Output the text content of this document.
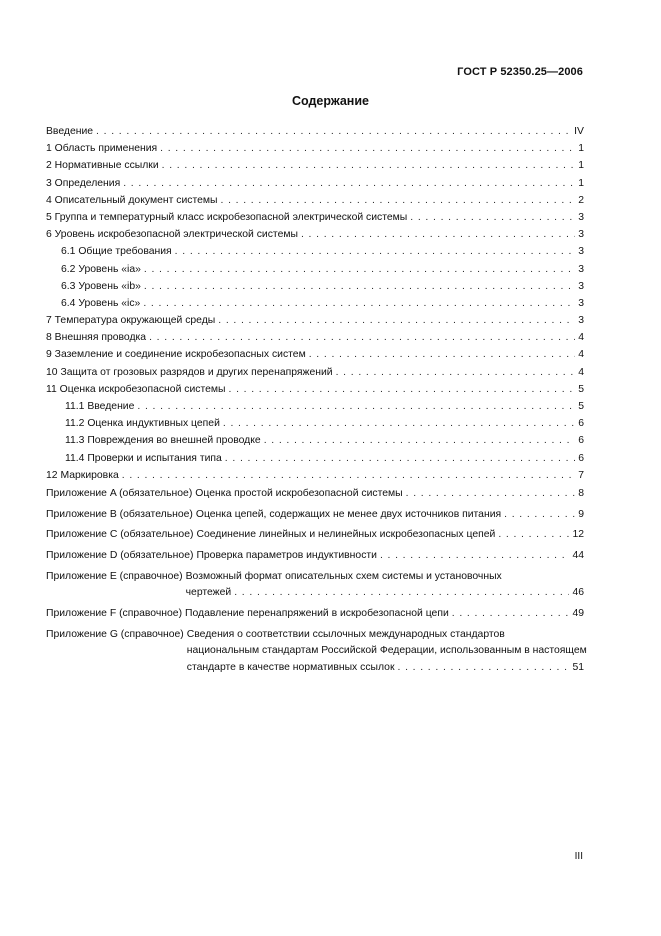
ГОСТ Р 52350.25—2006
Содержание
Введение . . .	IV
1 Область применения . . .	1
2 Нормативные ссылки . . .	1
3 Определения . . .	1
4 Описательный документ системы . . .	2
5 Группа и температурный класс искробезопасной электрической системы . . .	3
6 Уровень искробезопасной электрической системы . . .	3
6.1 Общие требования . . .	3
6.2 Уровень «ia» . . .	3
6.3 Уровень «ib» . . .	3
6.4 Уровень «ic» . . .	3
7 Температура окружающей среды . . .	3
8 Внешняя проводка . . .	4
9 Заземление и соединение искробезопасных систем . . .	4
10 Защита от грозовых разрядов и других перенапряжений . . .	4
11 Оценка искробезопасной системы . . .	5
11.1 Введение . . .	5
11.2 Оценка индуктивных цепей . . .	6
11.3 Повреждения во внешней проводке . . .	6
11.4 Проверки и испытания типа . . .	6
12 Маркировка . . .	7
Приложение A (обязательное) Оценка простой искробезопасной системы . . .	8
Приложение B (обязательное) Оценка цепей, содержащих не менее двух источников питания . . .	9
Приложение C (обязательное) Соединение линейных и нелинейных искробезопасных цепей . . .	12
Приложение D (обязательное) Проверка параметров индуктивности . . .	44
Приложение E (справочное) Возможный формат описательных схем системы и установочных
чертежей . . .	46
Приложение F (справочное) Подавление перенапряжений в искробезопасной цепи . . .	49
Приложение G (справочное) Сведения о соответствии ссылочных международных стандартов
национальным стандартам Российской Федерации, использованным в настоящем
стандарте в качестве нормативных ссылок . . .	51
III
